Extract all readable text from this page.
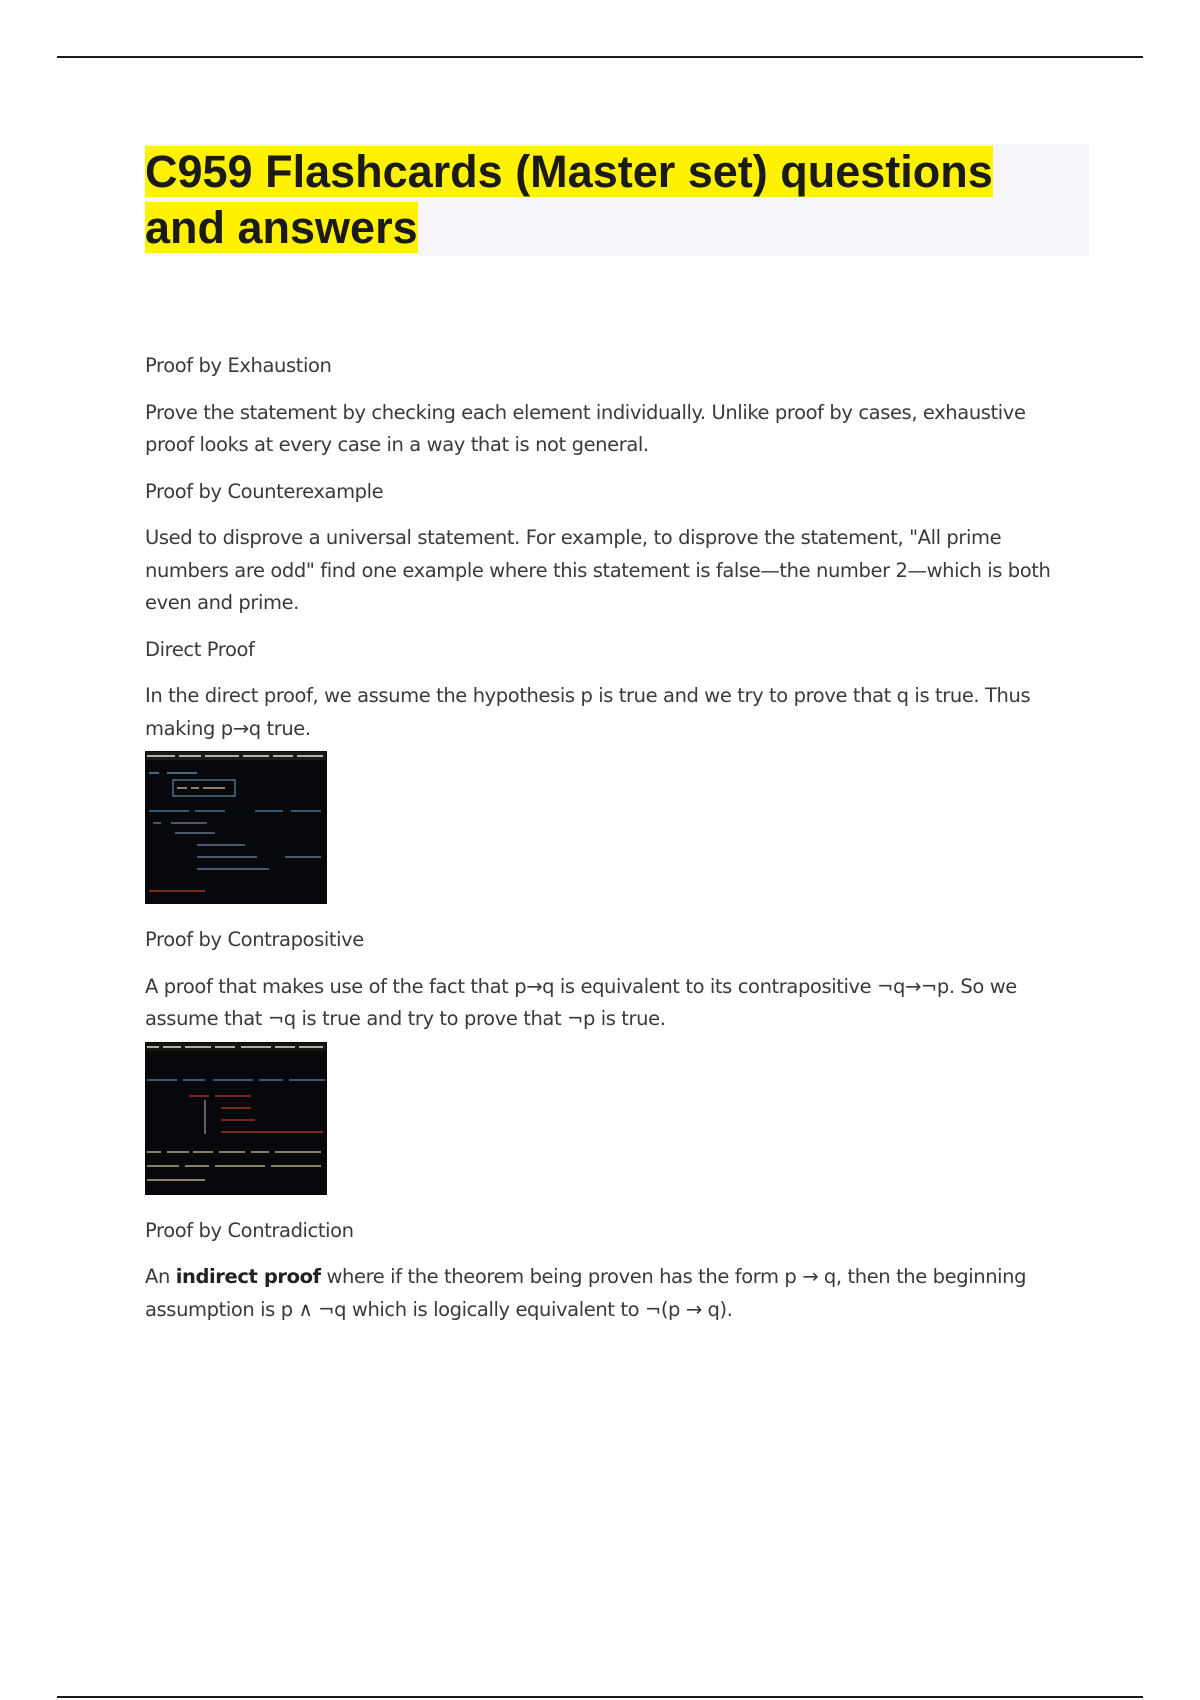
C959 Flashcards (Master set) questions
and answers

Proof by Exhaustion

Prove the statement by checking each element individually. Unlike proof by cases, exhaustive proof looks at every case in a way that is not general.

Proof by Counterexample

Used to disprove a universal statement. For example, to disprove the statement, "All prime numbers are odd" find one example where this statement is false—the number 2—which is both even and prime.

Direct Proof

In the direct proof, we assume the hypothesis p is true and we try to prove that q is true. Thus making p→q true.

Proof by Contrapositive

A proof that makes use of the fact that p→q is equivalent to its contrapositive ¬q→¬p. So we assume that ¬q is true and try to prove that ¬p is true.

Proof by Contradiction

An indirect proof where if the theorem being proven has the form p → q, then the beginning assumption is p ∧ ¬q which is logically equivalent to ¬(p → q).
